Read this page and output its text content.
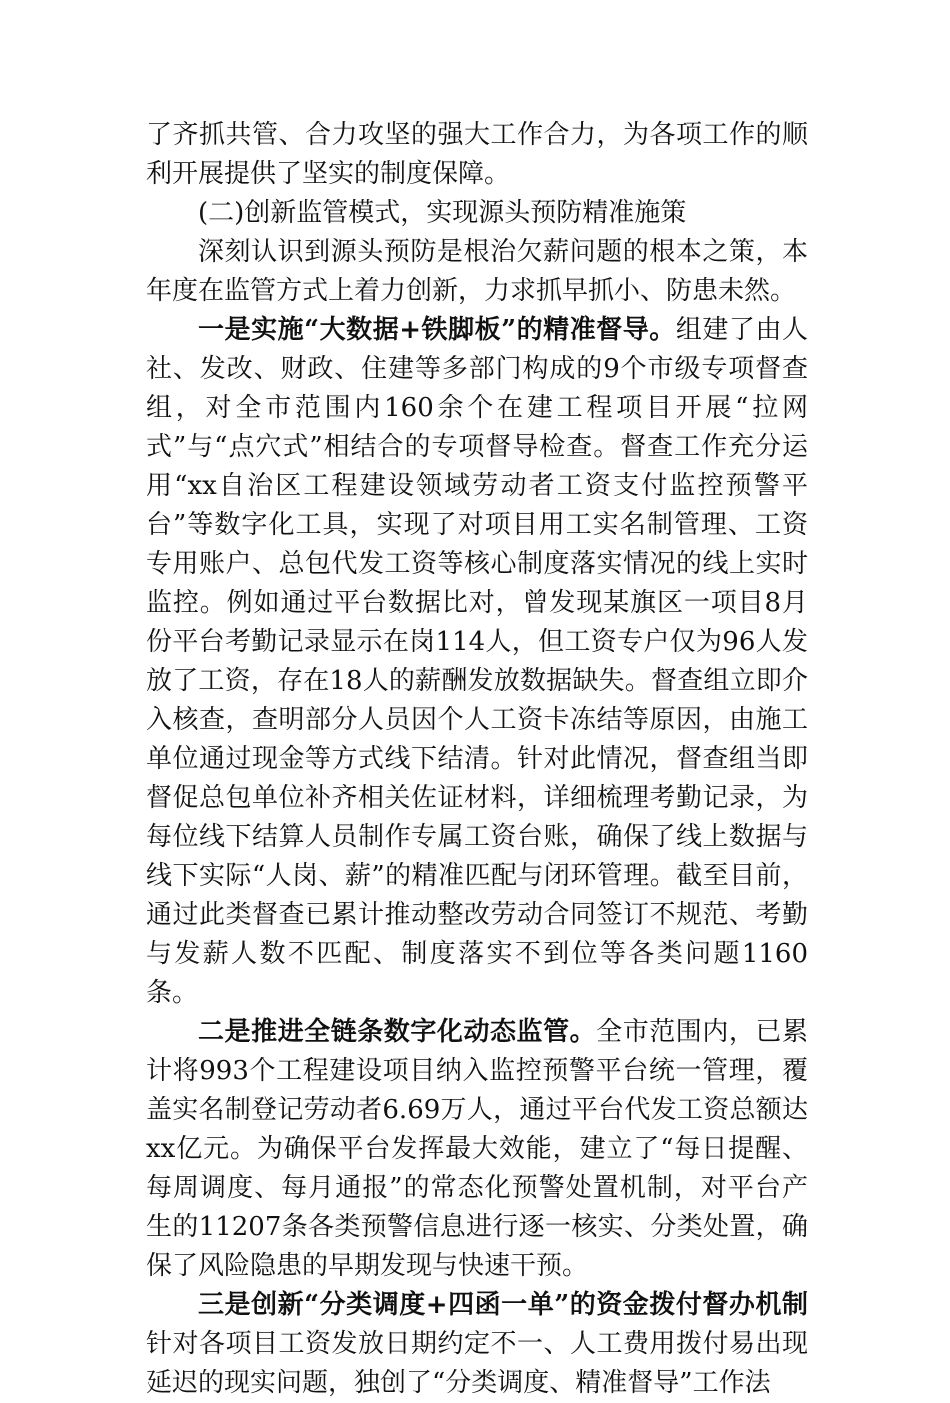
了齐抓共管、合力攻坚的强大工作合力，为各项工作的顺利开展提供了坚实的制度保障。

(二)创新监管模式，实现源头预防精准施策

深刻认识到源头预防是根治欠薪问题的根本之策，本年度在监管方式上着力创新，力求抓早抓小、防患未然。

一是实施“大数据+铁脚板”的精准督导。组建了由人社、发改、财政、住建等多部门构成的9个市级专项督查组，对全市范围内160余个在建工程项目开展“拉网式”与“点穴式”相结合的专项督导检查。督查工作充分运用“xx自治区工程建设领域劳动者工资支付监控预警平台”等数字化工具，实现了对项目用工实名制管理、工资专用账户、总包代发工资等核心制度落实情况的线上实时监控。例如通过平台数据比对，曾发现某旗区一项目8月份平台考勤记录显示在岗114人，但工资专户仅为96人发放了工资，存在18人的薪酬发放数据缺失。督查组立即介入核查，查明部分人员因个人工资卡冻结等原因，由施工单位通过现金等方式线下结清。针对此情况，督查组当即督促总包单位补齐相关佐证材料，详细梳理考勤记录，为每位线下结算人员制作专属工资台账，确保了线上数据与线下实际“人岗、薪”的精准匹配与闭环管理。截至目前，通过此类督查已累计推动整改劳动合同签订不规范、考勤与发薪人数不匹配、制度落实不到位等各类问题1160条。

二是推进全链条数字化动态监管。全市范围内，已累计将993个工程建设项目纳入监控预警平台统一管理，覆盖实名制登记劳动者6.69万人，通过平台代发工资总额达xx亿元。为确保平台发挥最大效能，建立了“每日提醒、每周调度、每月通报”的常态化预警处置机制，对平台产生的11207条各类预警信息进行逐一核实、分类处置，确保了风险隐患的早期发现与快速干预。

三是创新“分类调度+四函一单”的资金拨付督办机制针对各项目工资发放日期约定不一、人工费用拨付易出现延迟的现实问题，独创了“分类调度、精准督导”工作法
